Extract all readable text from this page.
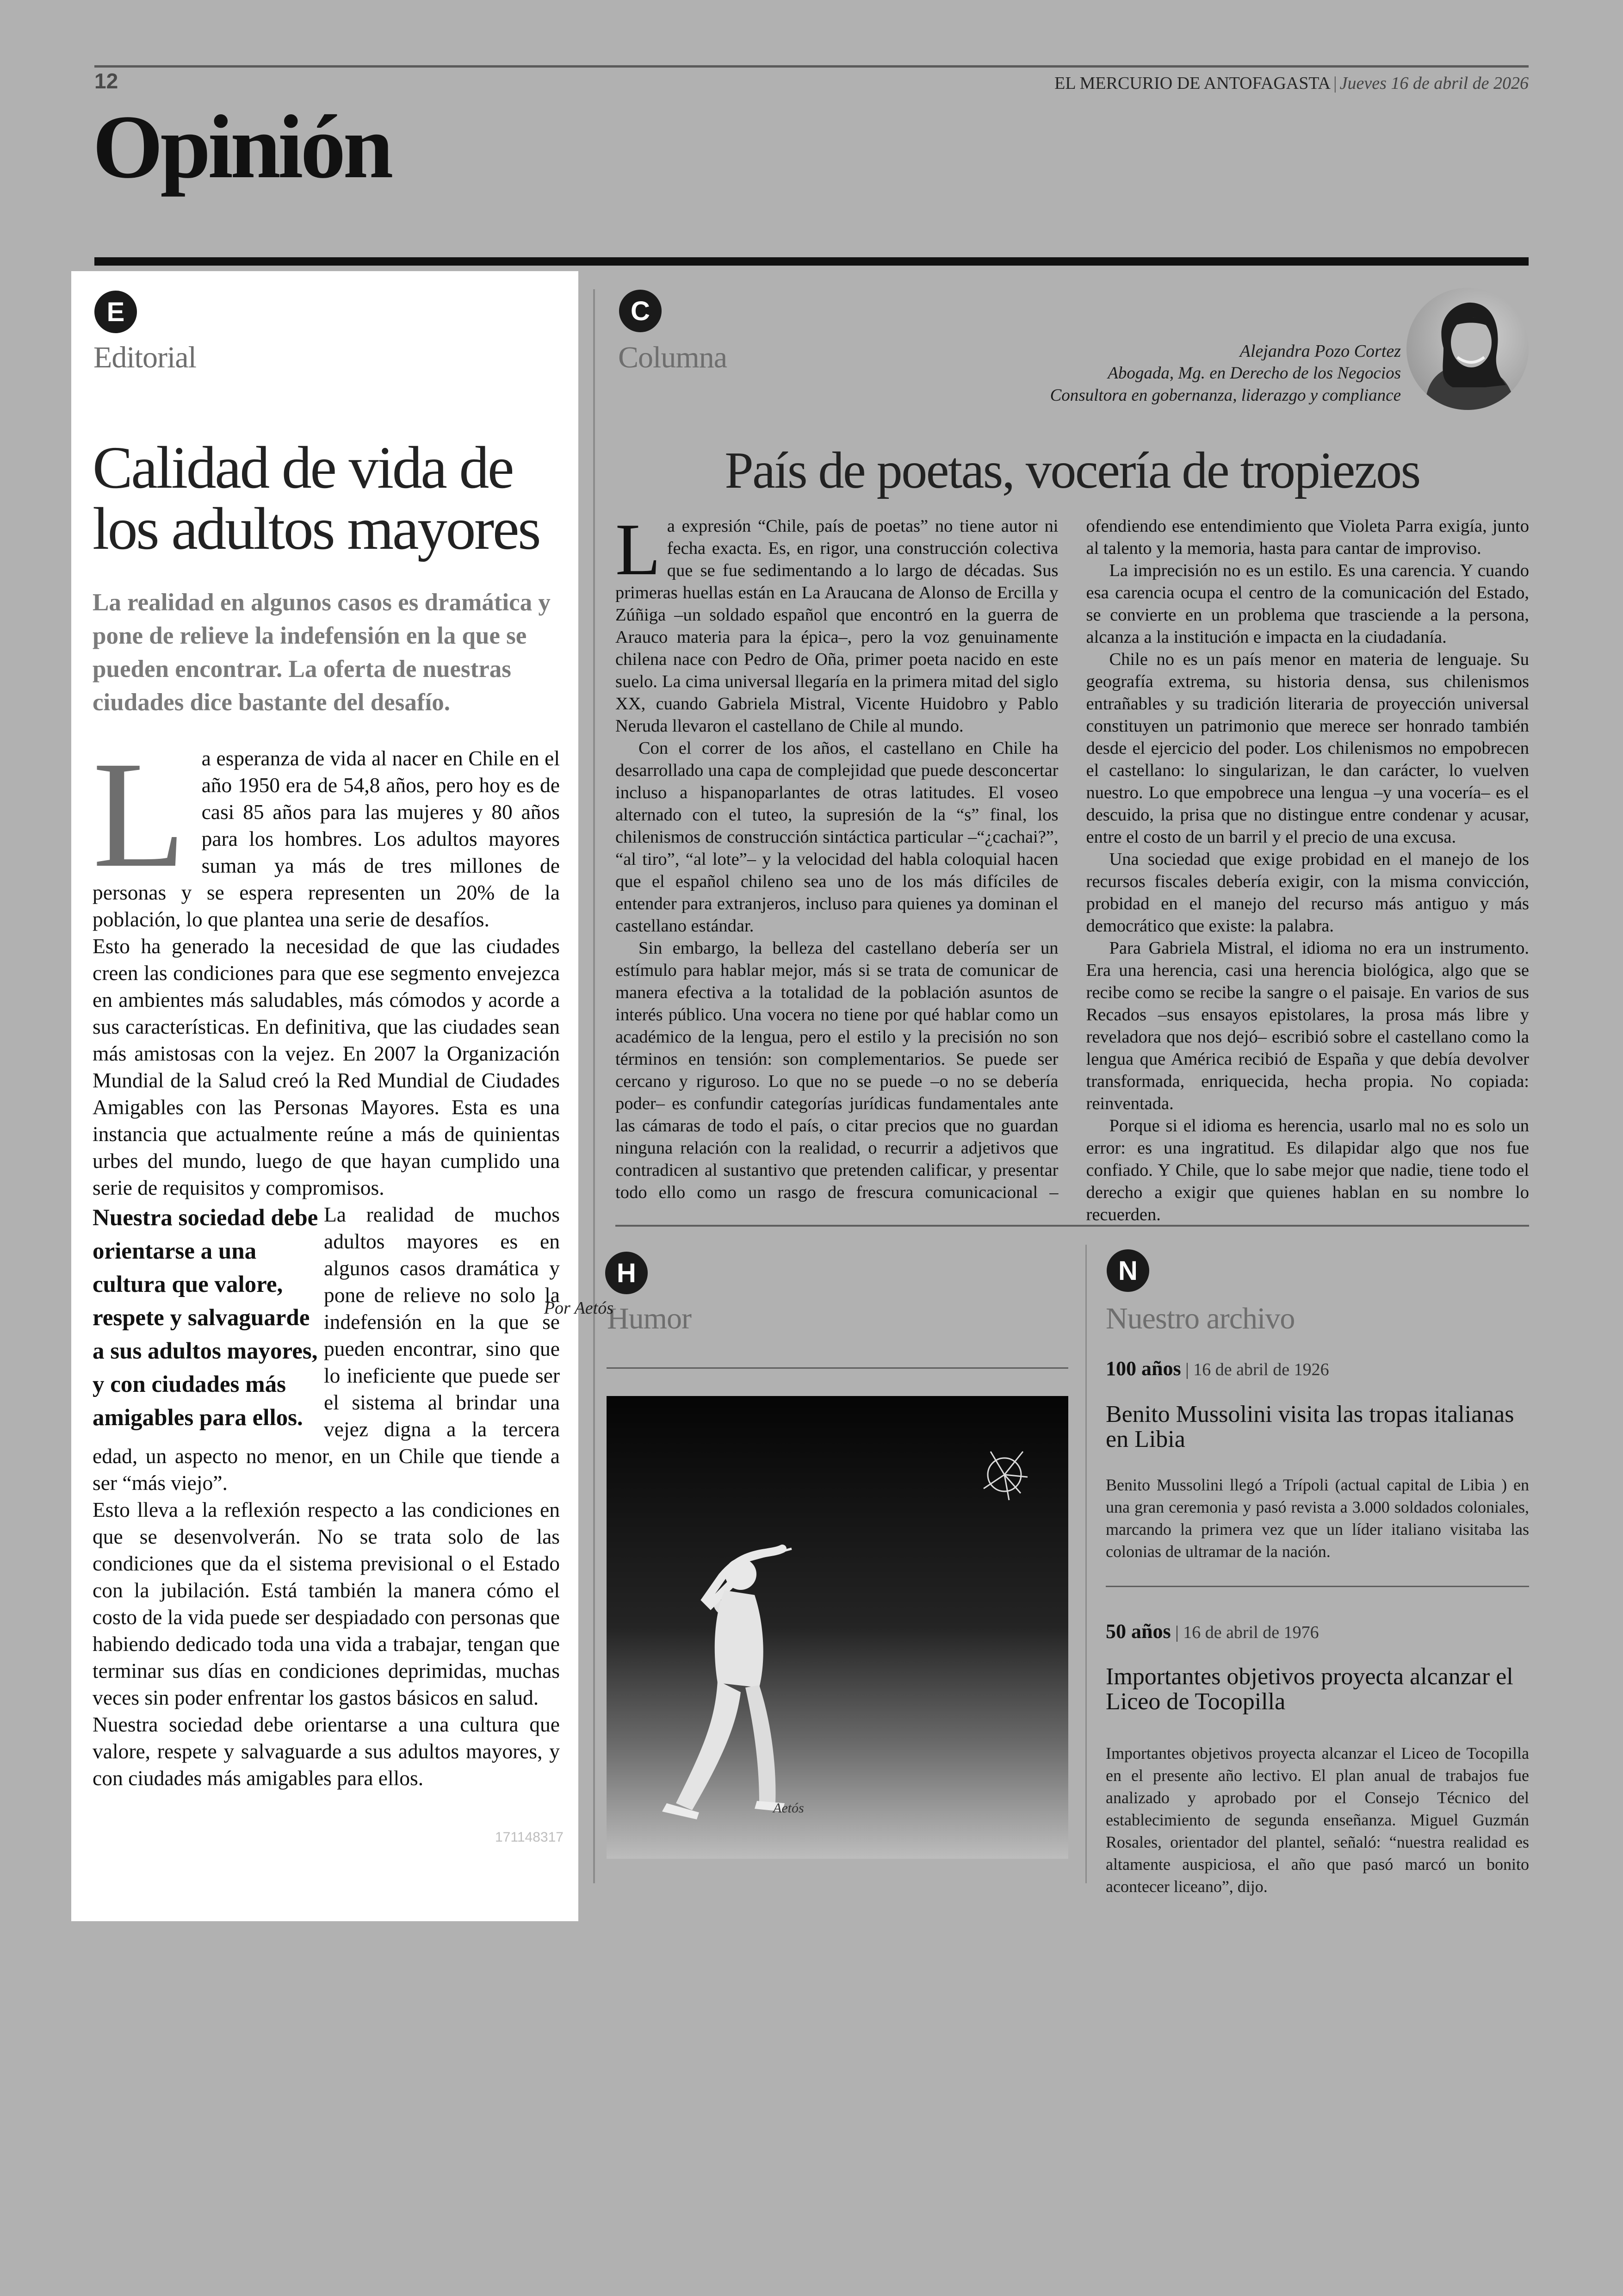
12	EL MERCURIO DE ANTOFAGASTA | Jueves 16 de abril de 2026
Opinión
E
Editorial
Calidad de vida de los adultos mayores

La realidad en algunos casos es dramática y pone de relieve la indefensión en la que se pueden encontrar. La oferta de nuestras ciudades dice bastante del desafío.

L a esperanza de vida al nacer en Chile en el año 1950 era de 54,8 años, pero hoy es de casi 85 años para las mujeres y 80 años para los hombres. Los adultos mayores suman ya más de tres millones de personas y se espera representen un 20% de la población, lo que plantea una serie de desafíos.

Esto ha generado la necesidad de que las ciudades creen las condiciones para que ese segmento envejezca en ambientes más saludables, más cómodos y acorde a sus características. En definitiva, que las ciudades sean más amistosas con la vejez. En 2007 la Organización Mundial de la Salud creó la Red Mundial de Ciudades Amigables con las Personas Mayores. Esta es una instancia que actualmente reúne a más de quinientas urbes del mundo, luego de que hayan cumplido una serie de requisitos y compromisos.

Nuestra sociedad debe orientarse a una cultura que valore, respete y salvaguarde a sus adultos mayores, y con ciudades más amigables para ellos.

La realidad de muchos adultos mayores es en algunos casos dramática y pone de relieve no solo la indefensión en la que se pueden encontrar, sino que lo ineficiente que puede ser el sistema al brindar una vejez digna a la tercera edad, un aspecto no menor, en un Chile que tiende a ser “más viejo”.

Esto lleva a la reflexión respecto a las condiciones en que se desenvolverán. No se trata solo de las condiciones que da el sistema previsional o el Estado con la jubilación. Está también la manera cómo el costo de la vida puede ser despiadado con personas que habiendo dedicado toda una vida a trabajar, tengan que terminar sus días en condiciones deprimidas, muchas veces sin poder enfrentar los gastos básicos en salud.

Nuestra sociedad debe orientarse a una cultura que valore, respete y salvaguarde a sus adultos mayores, y con ciudades más amigables para ellos.

171148317
C
Columna	Alejandra Pozo Cortez
Abogada, Mg. en Derecho de los Negocios
Consultora en gobernanza, liderazgo y compliance
País de poetas, vocería de tropiezos

La expresión “Chile, país de poetas” no tiene autor ni fecha exacta. Es, en rigor, una construcción colectiva que se fue sedimentando a lo largo de décadas. Sus primeras huellas están en La Araucana de Alonso de Ercilla y Zúñiga –un soldado español que encontró en la guerra de Arauco materia para la épica–, pero la voz genuinamente chilena nace con Pedro de Oña, primer poeta nacido en este suelo. La cima universal llegaría en la primera mitad del siglo XX, cuando Gabriela Mistral, Vicente Huidobro y Pablo Neruda llevaron el castellano de Chile al mundo.

Con el correr de los años, el castellano en Chile ha desarrollado una capa de complejidad que puede desconcertar incluso a hispanoparlantes de otras latitudes. El voseo alternado con el tuteo, la supresión de la “s” final, los chilenismos de construcción sintáctica particular –“¿cachai?”, “al tiro”, “al lote”– y la velocidad del habla coloquial hacen que el español chileno sea uno de los más difíciles de entender para extranjeros, incluso para quienes ya dominan el castellano estándar.

Sin embargo, la belleza del castellano debería ser un estímulo para hablar mejor, más si se trata de comunicar de manera efectiva a la totalidad de la población asuntos de interés público. Una vocera no tiene por qué hablar como un académico de la lengua, pero el estilo y la precisión no son términos en tensión: son complementarios. Se puede ser cercano y riguroso. Lo que no se puede –o no se debería poder– es confundir categorías jurídicas fundamentales ante las cámaras de todo el país, o citar precios que no guardan ninguna relación con la realidad, o recurrir a adjetivos que contradicen al sustantivo que pretenden calificar, y presentar todo ello como un rasgo de frescura comunicacional –ofendiendo ese entendimiento que Violeta Parra exigía, junto al talento y la memoria, hasta para cantar de improviso.

La imprecisión no es un estilo. Es una carencia. Y cuando esa carencia ocupa el centro de la comunicación del Estado, se convierte en un problema que trasciende a la persona, alcanza a la institución e impacta en la ciudadanía.

Chile no es un país menor en materia de lenguaje. Su geografía extrema, su historia densa, sus chilenismos entrañables y su tradición literaria de proyección universal constituyen un patrimonio que merece ser honrado también desde el ejercicio del poder. Los chilenismos no empobrecen el castellano: lo singularizan, le dan carácter, lo vuelven nuestro. Lo que empobrece una lengua –y una vocería– es el descuido, la prisa que no distingue entre condenar y acusar, entre el costo de un barril y el precio de una excusa.

Una sociedad que exige probidad en el manejo de los recursos fiscales debería exigir, con la misma convicción, probidad en el manejo del recurso más antiguo y más democrático que existe: la palabra.

Para Gabriela Mistral, el idioma no era un instrumento. Era una herencia, casi una herencia biológica, algo que se recibe como se recibe la sangre o el paisaje. En varios de sus Recados –sus ensayos epistolares, la prosa más libre y reveladora que nos dejó– escribió sobre el castellano como la lengua que América recibió de España y que debía devolver transformada, enriquecida, hecha propia. No copiada: reinventada.

Porque si el idioma es herencia, usarlo mal no es solo un error: es una ingratitud. Es dilapidar algo que nos fue confiado. Y Chile, que lo sabe mejor que nadie, tiene todo el derecho a exigir que quienes hablan en su nombre lo recuerden.

H
Humor
Por Aetós
Aetós
N
Nuestro archivo
100 años | 16 de abril de 1926
Benito Mussolini visita las tropas italianas en Libia
Benito Mussolini llegó a Trípoli (actual capital de Libia ) en una gran ceremonia y pasó revista a 3.000 soldados coloniales, marcando la primera vez que un líder italiano visitaba las colonias de ultramar de la nación.
50 años | 16 de abril de 1976
Importantes objetivos proyecta alcanzar el Liceo de Tocopilla
Importantes objetivos proyecta alcanzar el Liceo de Tocopilla en el presente año lectivo. El plan anual de trabajos fue analizado y aprobado por el Consejo Técnico del establecimiento de segunda enseñanza. Miguel Guzmán Rosales, orientador del plantel, señaló: “nuestra realidad es altamente auspiciosa, el año que pasó marcó un bonito acontecer liceano”, dijo.
